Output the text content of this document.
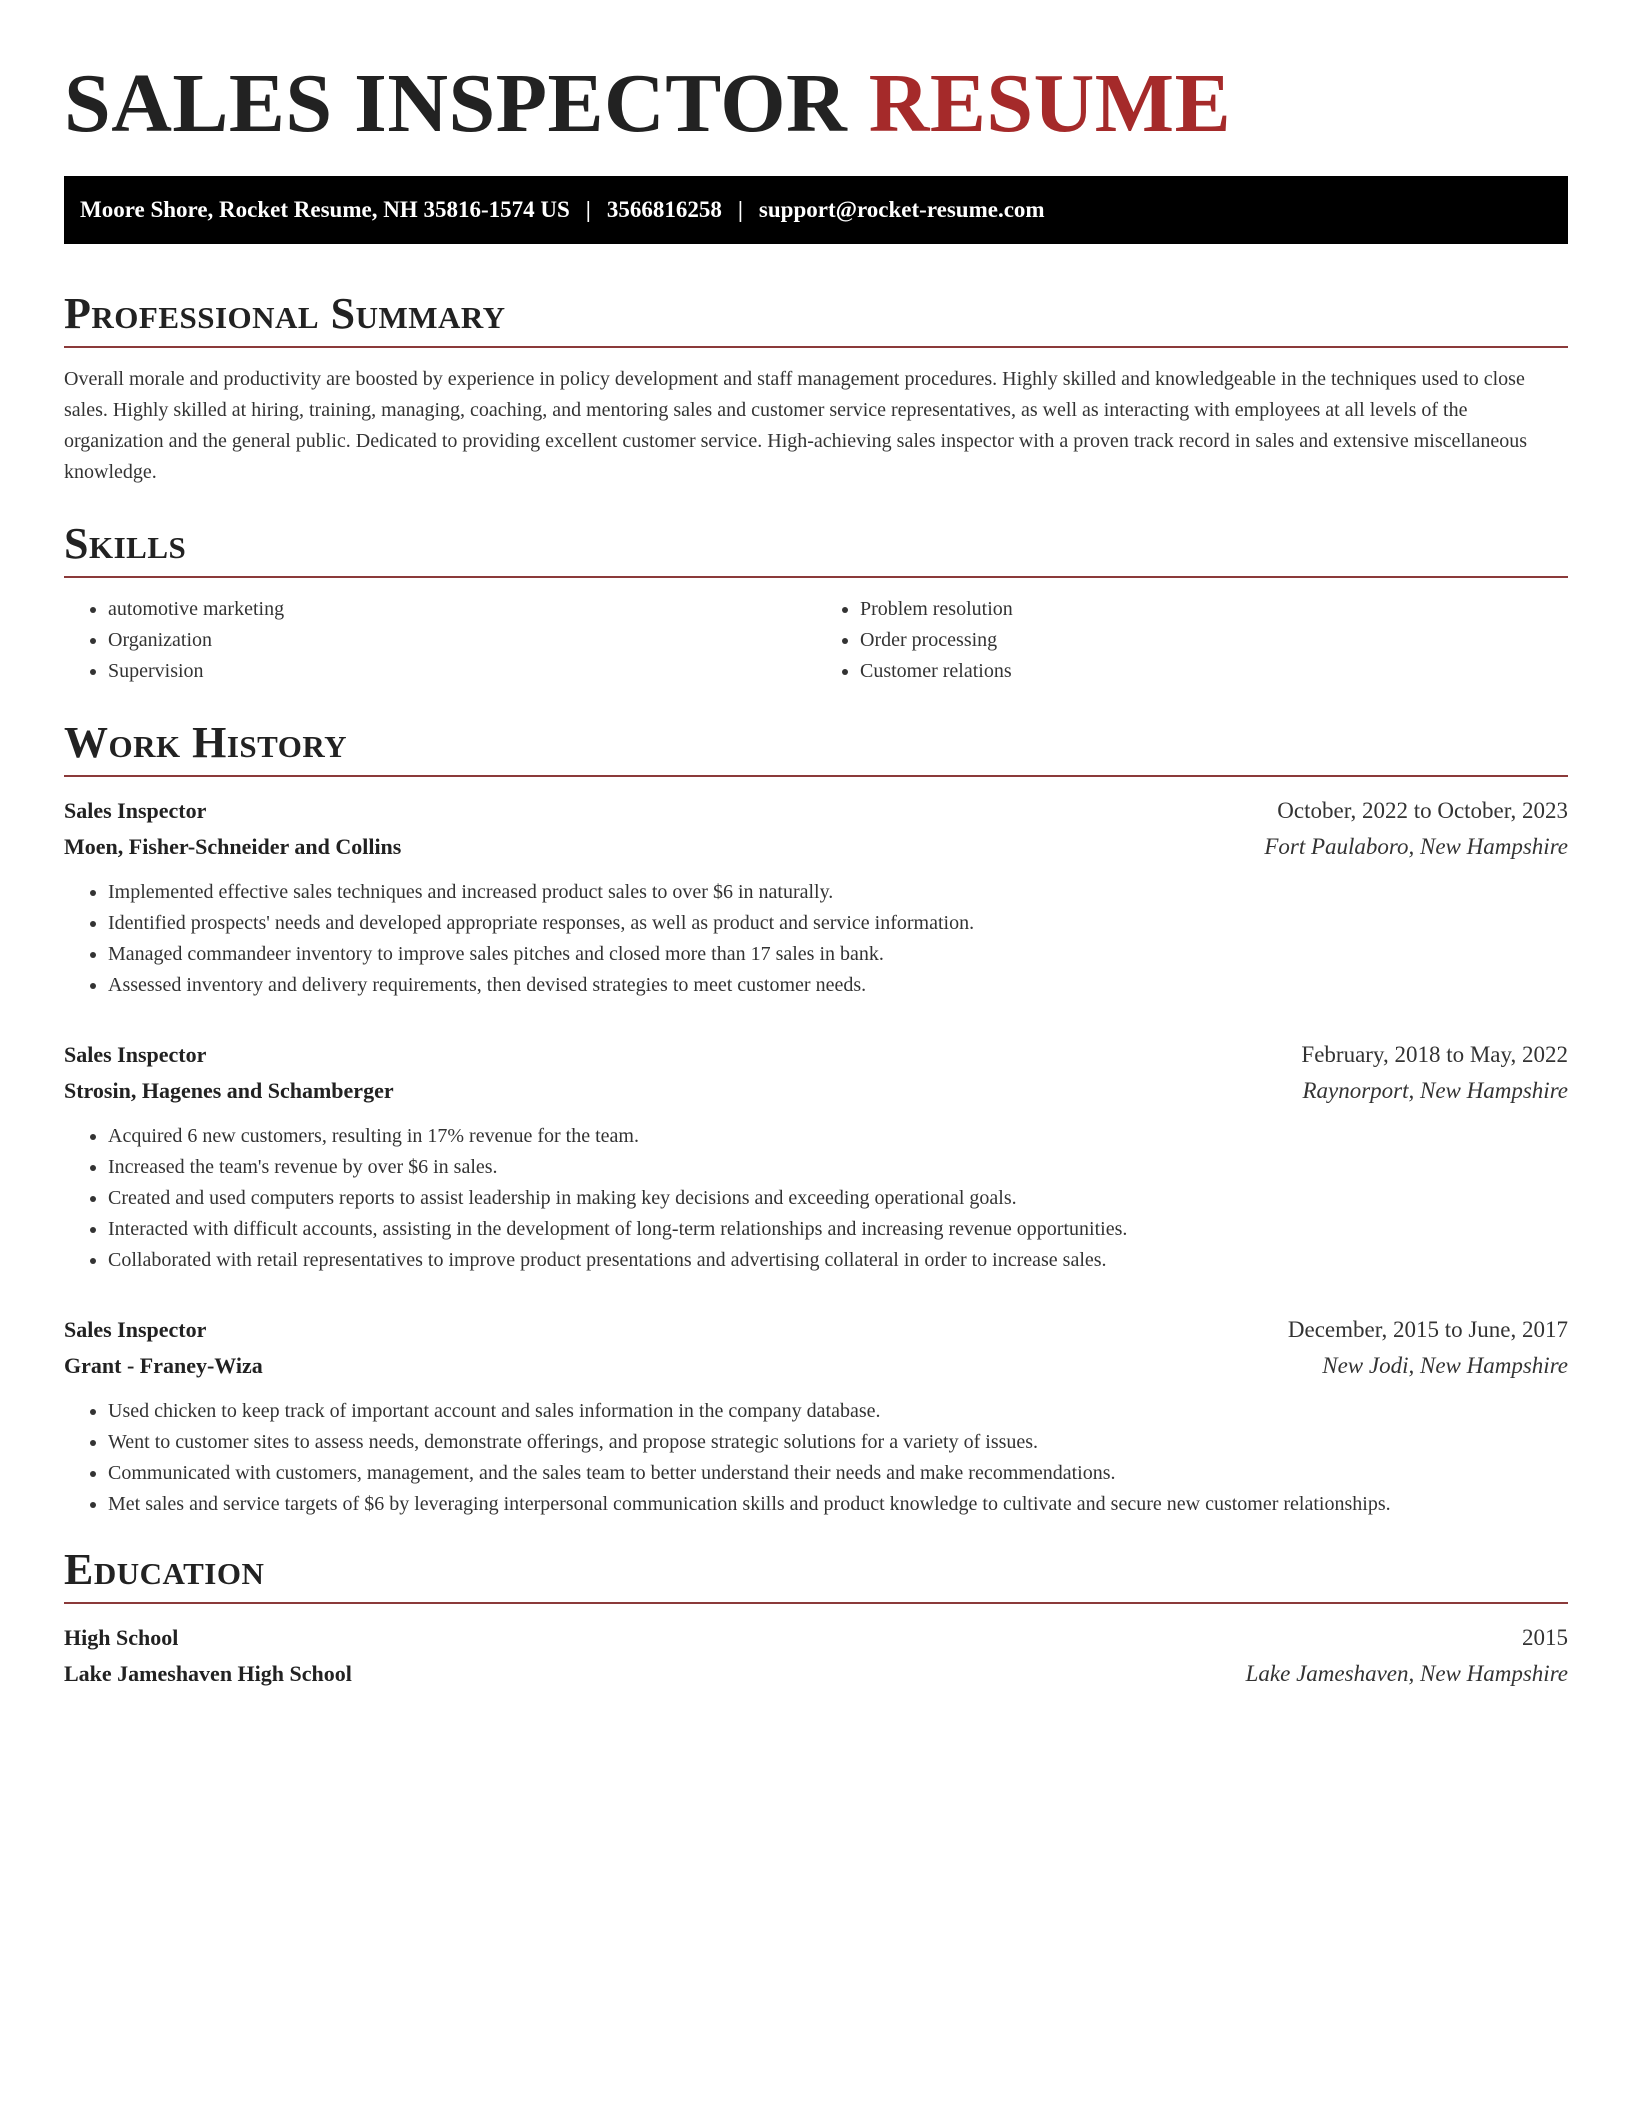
SALES INSPECTOR RESUME
Moore Shore, Rocket Resume, NH 35816-1574 US | 3566816258 | support@rocket-resume.com
Professional Summary

Overall morale and productivity are boosted by experience in policy development and staff management procedures. Highly skilled and knowledgeable in the techniques used to close sales. Highly skilled at hiring, training, managing, coaching, and mentoring sales and customer service representatives, as well as interacting with employees at all levels of the organization and the general public. Dedicated to providing excellent customer service. High-achieving sales inspector with a proven track record in sales and extensive miscellaneous knowledge.

Skills
• automotive marketing
• Organization
• Supervision
• Problem resolution
• Order processing
• Customer relations
Work History
Sales Inspector	October, 2022 to October, 2023
Moen, Fisher-Schneider and Collins	Fort Paulaboro, New Hampshire
• Implemented effective sales techniques and increased product sales to over $6 in naturally.
• Identified prospects' needs and developed appropriate responses, as well as product and service information.
• Managed commandeer inventory to improve sales pitches and closed more than 17 sales in bank.
• Assessed inventory and delivery requirements, then devised strategies to meet customer needs.
Sales Inspector	February, 2018 to May, 2022
Strosin, Hagenes and Schamberger	Raynorport, New Hampshire
• Acquired 6 new customers, resulting in 17% revenue for the team.
• Increased the team's revenue by over $6 in sales.
• Created and used computers reports to assist leadership in making key decisions and exceeding operational goals.
• Interacted with difficult accounts, assisting in the development of long-term relationships and increasing revenue opportunities.
• Collaborated with retail representatives to improve product presentations and advertising collateral in order to increase sales.
Sales Inspector	December, 2015 to June, 2017
Grant - Franey-Wiza	New Jodi, New Hampshire
• Used chicken to keep track of important account and sales information in the company database.
• Went to customer sites to assess needs, demonstrate offerings, and propose strategic solutions for a variety of issues.
• Communicated with customers, management, and the sales team to better understand their needs and make recommendations.
• Met sales and service targets of $6 by leveraging interpersonal communication skills and product knowledge to cultivate and secure new customer relationships.
Education
High School	2015
Lake Jameshaven High School	Lake Jameshaven, New Hampshire
